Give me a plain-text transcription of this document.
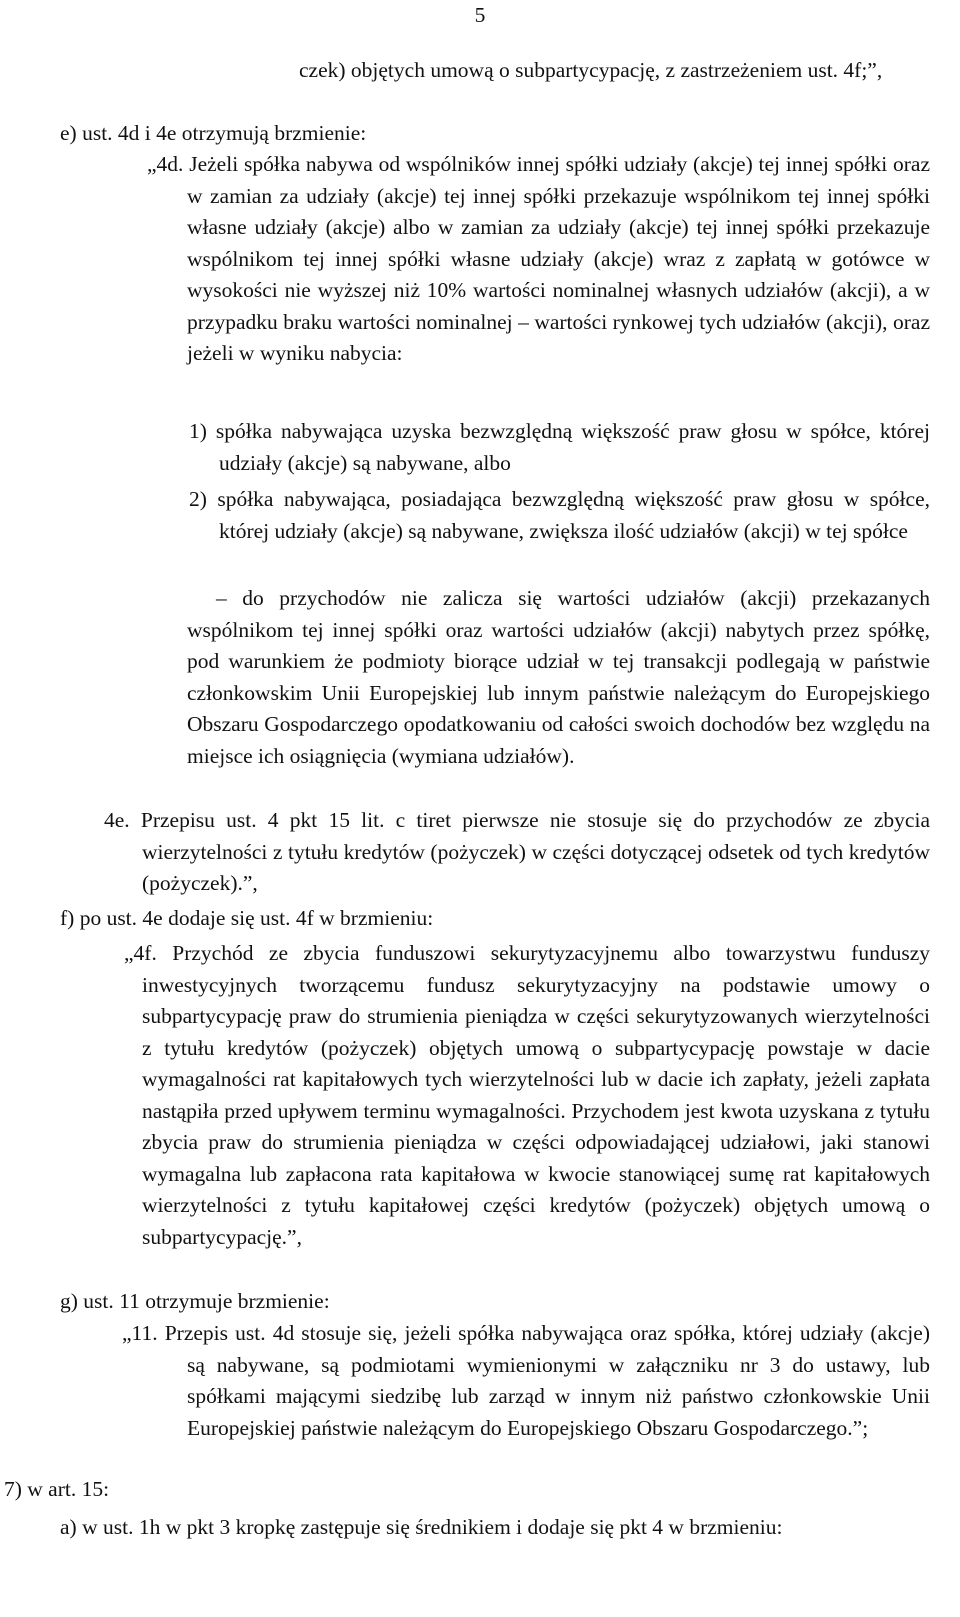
5
czek) objętych umową o subpartycypację, z zastrzeżeniem ust. 4f;”,
e) ust. 4d i 4e otrzymują brzmienie:
„4d. Jeżeli spółka nabywa od wspólników innej spółki udziały (akcje) tej innej spółki oraz w zamian za udziały (akcje) tej innej spółki przekazuje wspólnikom tej innej spółki własne udziały (akcje) albo w zamian za udziały (akcje) tej innej spółki przekazuje wspólnikom tej innej spółki własne udziały (akcje) wraz z zapłatą w gotówce w wysokości nie wyższej niż 10% wartości nominalnej własnych udziałów (akcji), a w przypadku braku wartości nominalnej – wartości rynkowej tych udziałów (akcji), oraz jeżeli w wyniku nabycia:
1) spółka nabywająca uzyska bezwzględną większość praw głosu w spółce, której udziały (akcje) są nabywane, albo
2) spółka nabywająca, posiadająca bezwzględną większość praw głosu w spółce, której udziały (akcje) są nabywane, zwiększa ilość udziałów (akcji) w tej spółce
– do przychodów nie zalicza się wartości udziałów (akcji) przekazanych wspólnikom tej innej spółki oraz wartości udziałów (akcji) nabytych przez spółkę, pod warunkiem że podmioty biorące udział w tej transakcji podlegają w państwie członkowskim Unii Europejskiej lub innym państwie należącym do Europejskiego Obszaru Gospodarczego opodatkowaniu od całości swoich dochodów bez względu na miejsce ich osiągnięcia (wymiana udziałów).
4e. Przepisu ust. 4 pkt 15 lit. c tiret pierwsze nie stosuje się do przychodów ze zbycia wierzytelności z tytułu kredytów (pożyczek) w części dotyczącej odsetek od tych kredytów (pożyczek).”,
f) po ust. 4e dodaje się ust. 4f w brzmieniu:
„4f. Przychód ze zbycia funduszowi sekurytyzacyjnemu albo towarzystwu funduszy inwestycyjnych tworzącemu fundusz sekurytyzacyjny na podstawie umowy o subpartycypację praw do strumienia pieniądza w części sekurytyzowanych wierzytelności z tytułu kredytów (pożyczek) objętych umową o subpartycypację powstaje w dacie wymagalności rat kapitałowych tych wierzytelności lub w dacie ich zapłaty, jeżeli zapłata nastąpiła przed upływem terminu wymagalności. Przychodem jest kwota uzyskana z tytułu zbycia praw do strumienia pieniądza w części odpowiadającej udziałowi, jaki stanowi wymagalna lub zapłacona rata kapitałowa w kwocie stanowiącej sumę rat kapitałowych wierzytelności z tytułu kapitałowej części kredytów (pożyczek) objętych umową o subpartycypację.”,
g) ust. 11 otrzymuje brzmienie:
„11. Przepis ust. 4d stosuje się, jeżeli spółka nabywająca oraz spółka, której udziały (akcje) są nabywane, są podmiotami wymienionymi w załączniku nr 3 do ustawy, lub spółkami mającymi siedzibę lub zarząd w innym niż państwo członkowskie Unii Europejskiej państwie należącym do Europejskiego Obszaru Gospodarczego.”;
7) w art. 15:
a) w ust. 1h w pkt 3 kropkę zastępuje się średnikiem i dodaje się pkt 4 w brzmieniu:
